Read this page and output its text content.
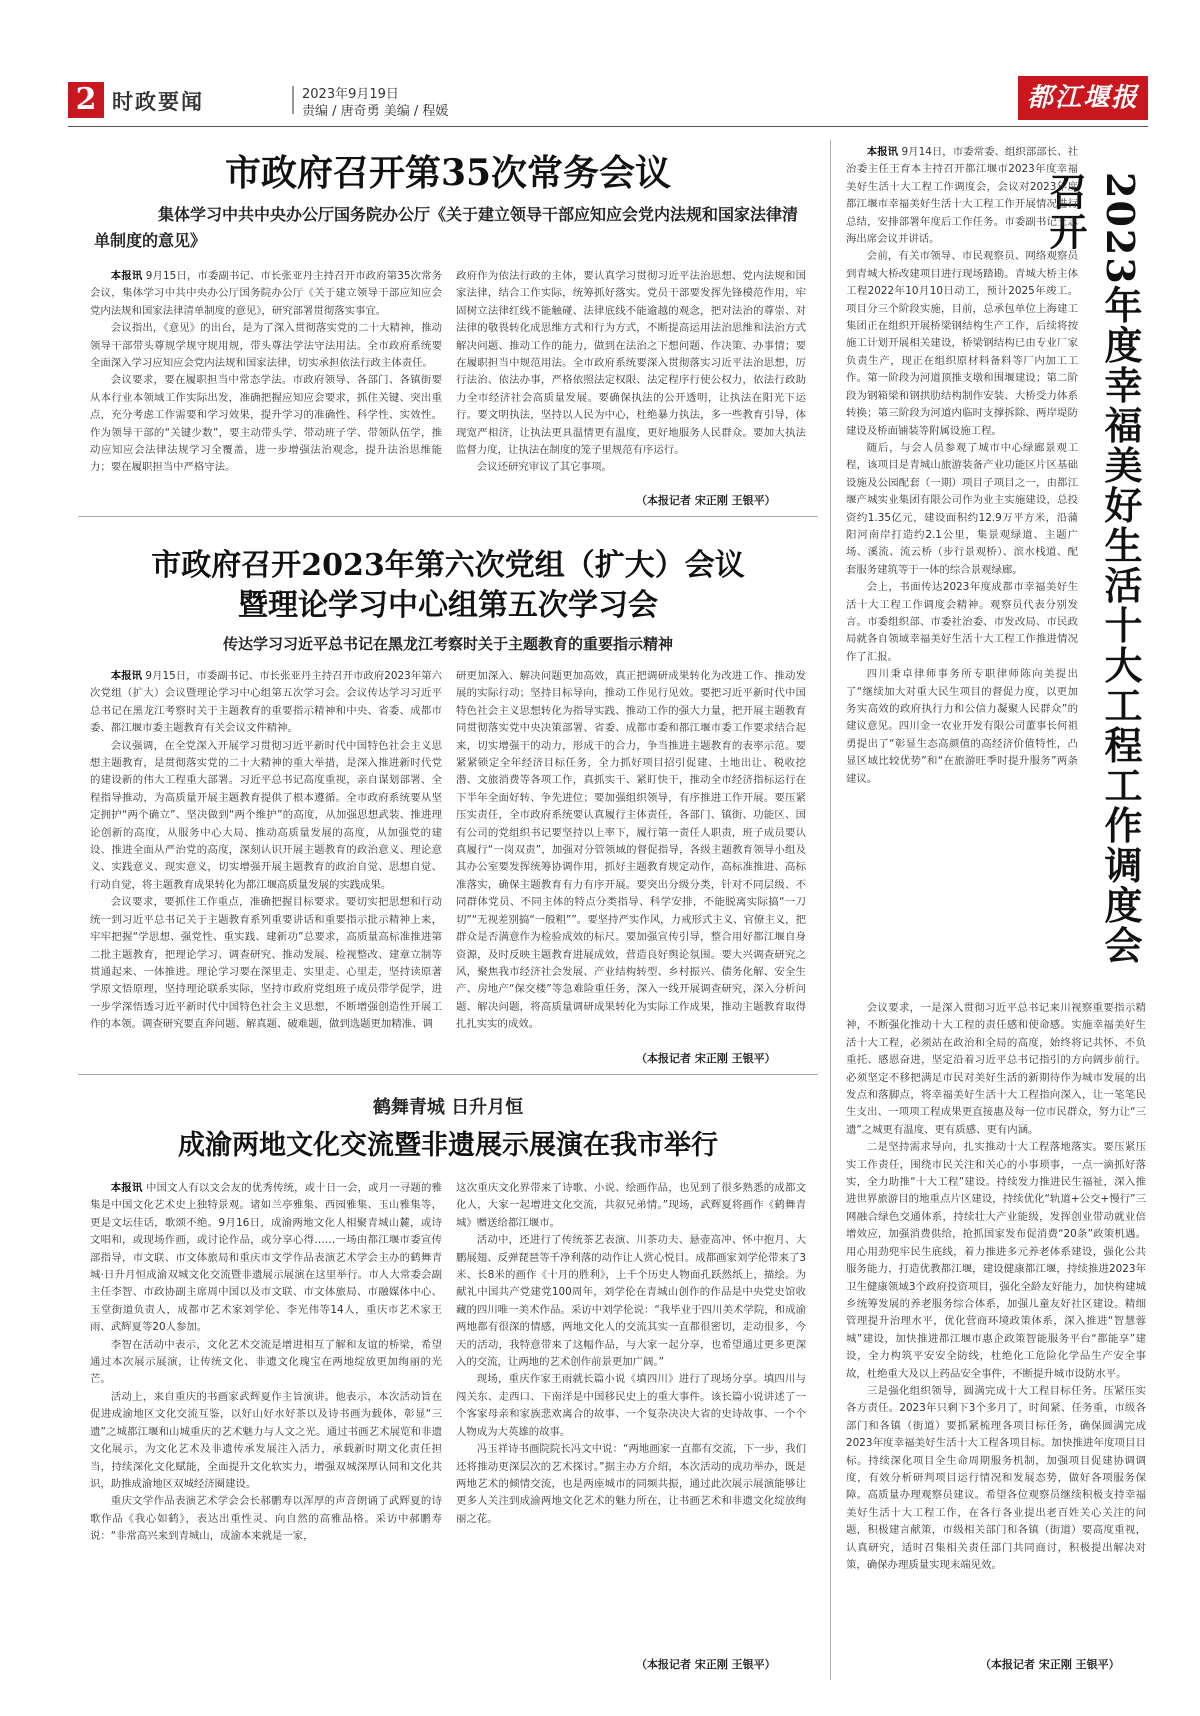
2 时政要闻	2023年9月19日
责编 / 唐奇勇 美编 / 程媛	都江堰报
市政府召开第35次常务会议
集体学习中共中央办公厅国务院办公厅《关于建立领导干部应知应会党内法规和国家法律清单制度的意见》

本报讯 9月15日，市委副书记、市长张亚丹主持召开市政府第35次常务会议，集体学习中共中央办公厅国务院办公厅《关于建立领导干部应知应会党内法规和国家法律清单制度的意见》，研究部署贯彻落实事宜。

会议指出，《意见》的出台，是为了深入贯彻落实党的二十大精神，推动领导干部带头尊规学规守规用规，带头尊法学法守法用法。全市政府系统要全面深入学习应知应会党内法规和国家法律，切实承担依法行政主体责任。

会议要求，要在履职担当中常态学法。市政府领导、各部门、各镇街要从本行业本领域工作实际出发，准确把握应知应会要求，抓住关键、突出重点，充分考虑工作需要和学习效果，提升学习的准确性、科学性、实效性。作为领导干部的“关键少数”，要主动带头学、带动班子学、带领队伍学，推动应知应会法律法规学习全覆盖，进一步增强法治观念，提升法治思维能力；要在履职担当中严格守法。

政府作为依法行政的主体，要认真学习贯彻习近平法治思想、党内法规和国家法律，结合工作实际，统筹抓好落实。党员干部要发挥先锋模范作用，牢固树立法律红线不能触碰、法律底线不能逾越的观念，把对法治的尊崇、对法律的敬畏转化成思维方式和行为方式，不断提高运用法治思维和法治方式解决问题、推动工作的能力，做到在法治之下想问题、作决策、办事情；要在履职担当中规范用法。全市政府系统要深入贯彻落实习近平法治思想，厉行法治、依法办事，严格依照法定权限、法定程序行使公权力，依法行政助力全市经济社会高质量发展。要确保执法的公开透明，让执法在阳光下运行。要文明执法，坚持以人民为中心，杜绝暴力执法，多一些教育引导，体现宽严相济，让执法更具温情更有温度，更好地服务人民群众。要加大执法监督力度，让执法在制度的笼子里规范有序运行。

会议还研究审议了其它事项。

（本报记者 宋正刚 王银平）
市政府召开2023年第六次党组（扩大）会议
暨理论学习中心组第五次学习会
传达学习习近平总书记在黑龙江考察时关于主题教育的重要指示精神

本报讯 9月15日，市委副书记、市长张亚丹主持召开市政府2023年第六次党组（扩大）会议暨理论学习中心组第五次学习会。会议传达学习习近平总书记在黑龙江考察时关于主题教育的重要指示精神和中央、省委、成都市委、都江堰市委主题教育有关会议文件精神。

会议强调，在全党深入开展学习贯彻习近平新时代中国特色社会主义思想主题教育，是贯彻落实党的二十大精神的重大举措，是深入推进新时代党的建设新的伟大工程重大部署。习近平总书记高度重视，亲自谋划部署、全程指导推动，为高质量开展主题教育提供了根本遵循。全市政府系统要从坚定拥护“两个确立”、坚决做到“两个维护”的高度，从加强思想武装、推进理论创新的高度，从服务中心大局、推动高质量发展的高度，从加强党的建设、推进全面从严治党的高度，深刻认识开展主题教育的政治意义、理论意义、实践意义、现实意义，切实增强开展主题教育的政治自觉、思想自觉、行动自觉，将主题教育成果转化为都江堰高质量发展的实践成果。

会议要求，要抓住工作重点，准确把握目标要求。要切实把思想和行动统一到习近平总书记关于主题教育系列重要讲话和重要指示批示精神上来，牢牢把握“学思想、强党性、重实践、建新功”总要求，高质量高标准推进第二批主题教育，把理论学习、调查研究、推动发展、检视整改、建章立制等贯通起来、一体推进。理论学习要在深里走、实里走、心里走，坚持读原著学原文悟原理，坚持理论联系实际，坚持市政府党组班子成员带学促学，进一步学深悟透习近平新时代中国特色社会主义思想，不断增强创造性开展工作的本领。调查研究要直奔问题、解真题、破难题，做到选题更加精准、调

研更加深入、解决问题更加高效，真正把调研成果转化为改进工作、推动发展的实际行动；坚持目标导向，推动工作见行见效。要把习近平新时代中国特色社会主义思想转化为指导实践、推动工作的强大力量，把开展主题教育同贯彻落实党中央决策部署、省委、成都市委和都江堰市委工作要求结合起来，切实增强干的动力，形成干的合力，争当推进主题教育的表率示范。要紧紧锁定全年经济目标任务，全力抓好项目招引促建、土地出让、税收挖潜、文旅消费等各项工作，真抓实干、紧盯快干，推动全市经济指标运行在下半年全面好转、争先进位；要加强组织领导，有序推进工作开展。要压紧压实责任，全市政府系统要认真履行主体责任，各部门、镇街、功能区、国有公司的党组织书记要坚持以上率下，履行第一责任人职责，班子成员要认真履行“一岗双责”，加强对分管领域的督促指导，各级主题教育领导小组及其办公室要发挥统筹协调作用，抓好主题教育规定动作，高标准推进、高标准落实，确保主题教育有力有序开展。要突出分级分类，针对不同层级、不同群体党员、不同主体的特点分类指导、科学安排，不能脱离实际搞“一刀切”“无视差别搞“一般粗””。要坚持严实作风，力戒形式主义、官僚主义，把群众是否满意作为检验成效的标尺。要加强宣传引导，整合用好都江堰自身资源，及时反映主题教育进展成效，营造良好舆论氛围。要大兴调查研究之风，聚焦我市经济社会发展、产业结构转型、乡村振兴、债务化解、安全生产、房地产“保交楼”等急难险重任务，深入一线开展调查研究，深入分析问题、解决问题，将高质量调研成果转化为实际工作成果，推动主题教育取得扎扎实实的成效。

（本报记者 宋正刚 王银平）
鹤舞青城 日升月恒
成渝两地文化交流暨非遗展示展演在我市举行

本报讯 中国文人有以文会友的优秀传统，或十日一会，或月一寻题的雅集是中国文化艺术史上独特景观。诸如兰亭雅集、西园雅集、玉山雅集等，更是文坛佳话，歌颂不绝。9月16日，成渝两地文化人相聚青城山麓，或诗文唱和，或现场作画，或讨论作品，或分享心得……一场由都江堰市委宣传部指导，市文联、市文体旅局和重庆市文学作品表演艺术学会主办的鹤舞青城·日升月恒成渝双城文化交流暨非遗展示展演在这里举行。市人大常委会副主任李智、市政协副主席周中国以及市文联、市文体旅局、市融媒体中心、玉堂街道负责人，成都市艺术家刘学伦、李光伟等14人，重庆市艺术家王雨、武辉夏等20人参加。

李智在活动中表示，文化艺术交流是增进相互了解和友谊的桥梁，希望通过本次展示展演，让传统文化、非遗文化瑰宝在两地绽放更加绚丽的光芒。

活动上，来自重庆的书画家武辉夏作主旨演讲。他表示，本次活动旨在促进成渝地区文化交流互鉴，以好山好水好茶以及诗书画为载体，彰显“三遗”之城都江堰和山城重庆的艺术魅力与人文之光。通过书画艺术展览和非遗文化展示，为文化艺术及非遗传承发展注入活力，承载新时期文化责任担当，持续深化文化赋能，全面提升文化软实力，增强双城深厚认同和文化共识，助推成渝地区双城经济圈建设。

重庆文学作品表演艺术学会会长郝鹏寿以浑厚的声音朗诵了武辉夏的诗歌作品《我心如鹤》，表达出重性灵、向自然的高雅品格。采访中郝鹏寿说：“非常高兴来到青城山，成渝本来就是一家，

这次重庆文化界带来了诗歌、小说、绘画作品，也见到了很多熟悉的成都文化人，大家一起增进文化交流，共叙兄弟情。”现场，武辉夏将画作《鹤舞青城》赠送给都江堰市。

活动中，还进行了传统茶艺表演、川茶功夫、悬壶高冲、怀中抱月、大鹏展翅、反弹琵琶等千净利落的动作让人赏心悦目。成都画家刘学伦带来了3米、长8米的画作《十月的胜利》，上千个历史人物面孔跃然纸上，描绘。为献礼中国共产党建党100周年，刘学伦在青城山创作的作品是中央党史馆收藏的四川唯一美术作品。采访中刘学伦说：“我毕业于四川美术学院，和成渝两地都有很深的情感，两地文化人的交流其实一直都很密切，走动很多，今天的活动，我特意带来了这幅作品，与大家一起分享，也希望通过更多更深入的交流，让两地的艺术创作前景更加广阔。”

现场，重庆作家王雨就长篇小说《填四川》进行了现场分享。填四川与闯关东、走西口、下南洋是中国移民史上的重大事件。该长篇小说讲述了一个客家母亲和家族悲欢离合的故事、一个复杂决决大省的史诗故事、一个个人物成为大英雄的故事。

冯玉祥诗书画院院长冯文中说：“两地画家一直都有交流，下一步，我们还将推动更深层次的艺术探讨。”据主办方介绍，本次活动的成功举办，既是两地艺术的倾情交流，也是两座城市的同频共振，通过此次展示展演能够让更多人关注到成渝两地文化艺术的魅力所在，让书画艺术和非遗文化绽放绚丽之花。

（本报记者 宋正刚 王银平）
2023年度幸福美好生活十大工程工作调度会召开

本报讯 9月14日，市委常委、组织部部长、社治委主任王育本主持召开都江堰市2023年度幸福美好生活十大工程工作调度会，会议对2023年度都江堰市幸福美好生活十大工程工作开展情况进行总结，安排部署年度后工作任务。市委副书记王志海出席会议并讲话。

会前，有关市领导、市民观察员、网络观察员到青城大桥改建项目进行现场踏勘。青城大桥主体工程2022年10月10日动工，预计2025年竣工。项目分三个阶段实施，目前，总承包单位上海建工集团正在组织开展桥梁钢结构生产工作，后续将按施工计划开展相关建设，桥梁钢结构已由专业厂家负责生产，现正在组织原材料备料等厂内加工工作。第一阶段为河道顶推支墩和围堰建设；第二阶段为钢箱梁和钢拱肋结构制作安装、大桥受力体系转换；第三阶段为河道内临时支撑拆除、两岸堤防建设及桥面铺装等附属设施工程。

随后，与会人员参观了城市中心绿廊景观工程，该项目是青城山旅游装备产业功能区片区基础设施及公园配套（一期）项目子项目之一，由都江堰产城实业集团有限公司作为业主实施建设，总投资约1.35亿元，建设面积约12.9万平方米，沿蒲阳河南岸打造约2.1公里，集景观绿道、主题广场、溪流、流云桥（步行景观桥）、滨水栈道、配套服务建筑等于一体的综合景观绿廊。

会上，书面传达2023年度成都市幸福美好生活十大工程工作调度会精神。观察员代表分别发言。市委组织部、市委社治委、市发改局、市民政局就各自领域幸福美好生活十大工程工作推进情况作了汇报。

四川秉卓律师事务所专职律师陈向美提出了“继续加大对重大民生项目的督促力度，以更加务实高效的政府执行力和公信力凝聚人民群众”的建议意见。四川金一农业开发有限公司董事长何祖勇提出了“彰显生态高颜值的高经济价值特性，凸显区域比较优势”和“在旅游旺季时提升服务”两条建议。

会议要求，一是深入贯彻习近平总书记来川视察重要指示精神，不断强化推动十大工程的责任感和使命感。实施幸福美好生活十大工程，必须站在政治和全局的高度，始终将记共怀、不负重托、感恩奋进，坚定沿着习近平总书记指引的方向阔步前行。必须坚定不移把满足市民对美好生活的新期待作为城市发展的出发点和落脚点，将幸福美好生活十大工程指向深入，让一笔笔民生支出、一项项工程成果更直接惠及每一位市民群众，努力让“三遗”之城更有温度、更有质感、更有内涵。

二是坚持需求导向，扎实推动十大工程落地落实。要压紧压实工作责任，围绕市民关注和关心的小事琐事，一点一滴抓好落实，全力助推“十大工程”建设。持续发力推进民生福祉，深入推进世界旅游目的地重点片区建设，持续优化“轨道+公交+慢行”三网融合绿色交通体系，持续壮大产业能级，发挥创业带动就业倍增效应，加强消费供给，抢抓国家发布促消费“20条”政策机遇。用心用劲兜牢民生底线，着力推进多元养老体系建设，强化公共服务能力，打造优教都江堰，建设健康都江堰，持续推进2023年卫生健康领域3个政府投资项目，强化全龄友好能力，加快构建城乡统筹发展的养老服务综合体系，加强儿童友好社区建设。精细管理提升治理水平，优化营商环境政策体系，深入推进“智慧蓉城”建设，加快推进都江堰市惠企政策智能服务平台“都能享”建设，全力构筑平安安全防线，杜绝化工危险化学品生产安全事故，杜绝重大及以上药品安全事件，不断提升城市设防水平。

三是强化组织领导，圆满完成十大工程目标任务。压紧压实各方责任。2023年只剩下3个多月了，时间紧、任务重，市级各部门和各镇（街道）要抓紧梳理各项目标任务，确保圆满完成2023年度幸福美好生活十大工程各项目标。加快推进年度项目目标。持续深化项目全生命周期服务机制，加强项目促建协调调度，有效分析研判项目运行情况和发展态势，做好各项服务保障。高质量办理观察员建议。希望各位观察员继续积极支持幸福美好生活十大工程工作，在各行各业提出老百姓关心关注的问题，积极建言献策，市级相关部门和各镇（街道）要高度重视，认真研究，适时召集相关责任部门共同商讨，积极提出解决对策，确保办理质量实现末端见效。

（本报记者 宋正刚 王银平）
